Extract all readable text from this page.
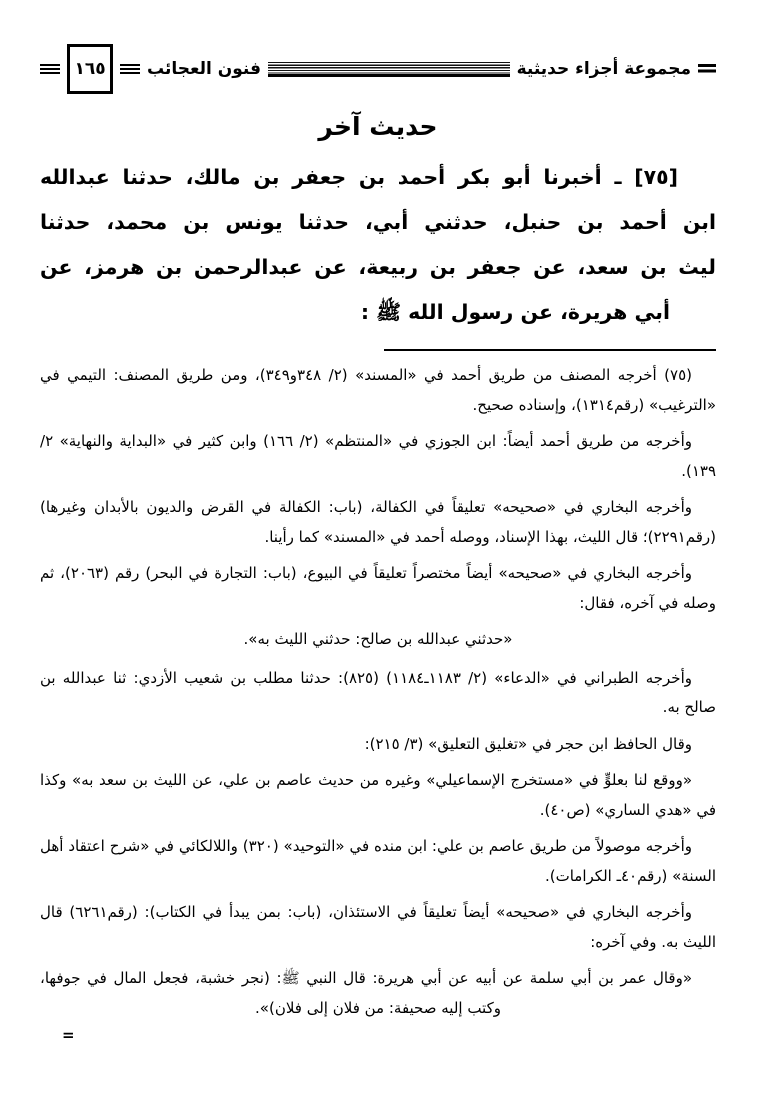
مجموعة أجزاء حديثية
فنون العجائب
١٦٥
حديث آخر
[٧٥] ـ أخبرنا أبو بكر أحمد بن جعفر بن مالك، حدثنا عبدالله
ابن أحمد بن حنبل، حدثني أبي، حدثنا يونس بن محمد، حدثنا
ليث بن سعد، عن جعفر بن ربيعة، عن عبدالرحمن بن هرمز، عن
أبي هريرة، عن رسول الله ﷺ :

(٧٥) أخرجه المصنف من طريق أحمد في «المسند» (٢/ ٣٤٨و٣٤٩)، ومن طريق المصنف: التيمي في «الترغيب» (رقم١٣١٤)، وإسناده صحيح.

وأخرجه من طريق أحمد أيضاً: ابن الجوزي في «المنتظم» (٢/ ١٦٦) وابن كثير في «البداية والنهاية» ٢/ ١٣٩).

وأخرجه البخاري في «صحيحه» تعليقاً في الكفالة، (باب: الكفالة في القرض والديون بالأبدان وغيرها) (رقم٢٢٩١)؛ قال الليث، بهذا الإسناد، ووصله أحمد في «المسند» كما رأينا.

وأخرجه البخاري في «صحيحه» أيضاً مختصراً تعليقاً في البيوع، (باب: التجارة في البحر) رقم (٢٠٦٣)، ثم وصله في آخره، فقال:

«حدثني عبدالله بن صالح: حدثني الليث به».

وأخرجه الطبراني في «الدعاء» (٢/ ١١٨٣ـ١١٨٤) (٨٢٥): حدثنا مطلب بن شعيب الأزدي: ثنا عبدالله بن صالح به.

وقال الحافظ ابن حجر في «تغليق التعليق» (٣/ ٢١٥):

«ووقع لنا بعلوٍّ في «مستخرج الإسماعيلي» وغيره من حديث عاصم بن علي، عن الليث بن سعد به» وكذا في «هدي الساري» (ص٤٠).

وأخرجه موصولاً من طريق عاصم بن علي: ابن منده في «التوحيد» (٣٢٠) واللالكائي في «شرح اعتقاد أهل السنة» (رقم٤٠ـ الكرامات).

وأخرجه البخاري في «صحيحه» أيضاً تعليقاً في الاستئذان، (باب: بمن يبدأ في الكتاب): (رقم٦٢٦١) قال الليث به. وفي آخره:

«وقال عمر بن أبي سلمة عن أبيه عن أبي هريرة: قال النبي ﷺ: (نجر خشبة، فجعل المال في جوفها، وكتب إليه صحيفة: من فلان إلى فلان)».

=
